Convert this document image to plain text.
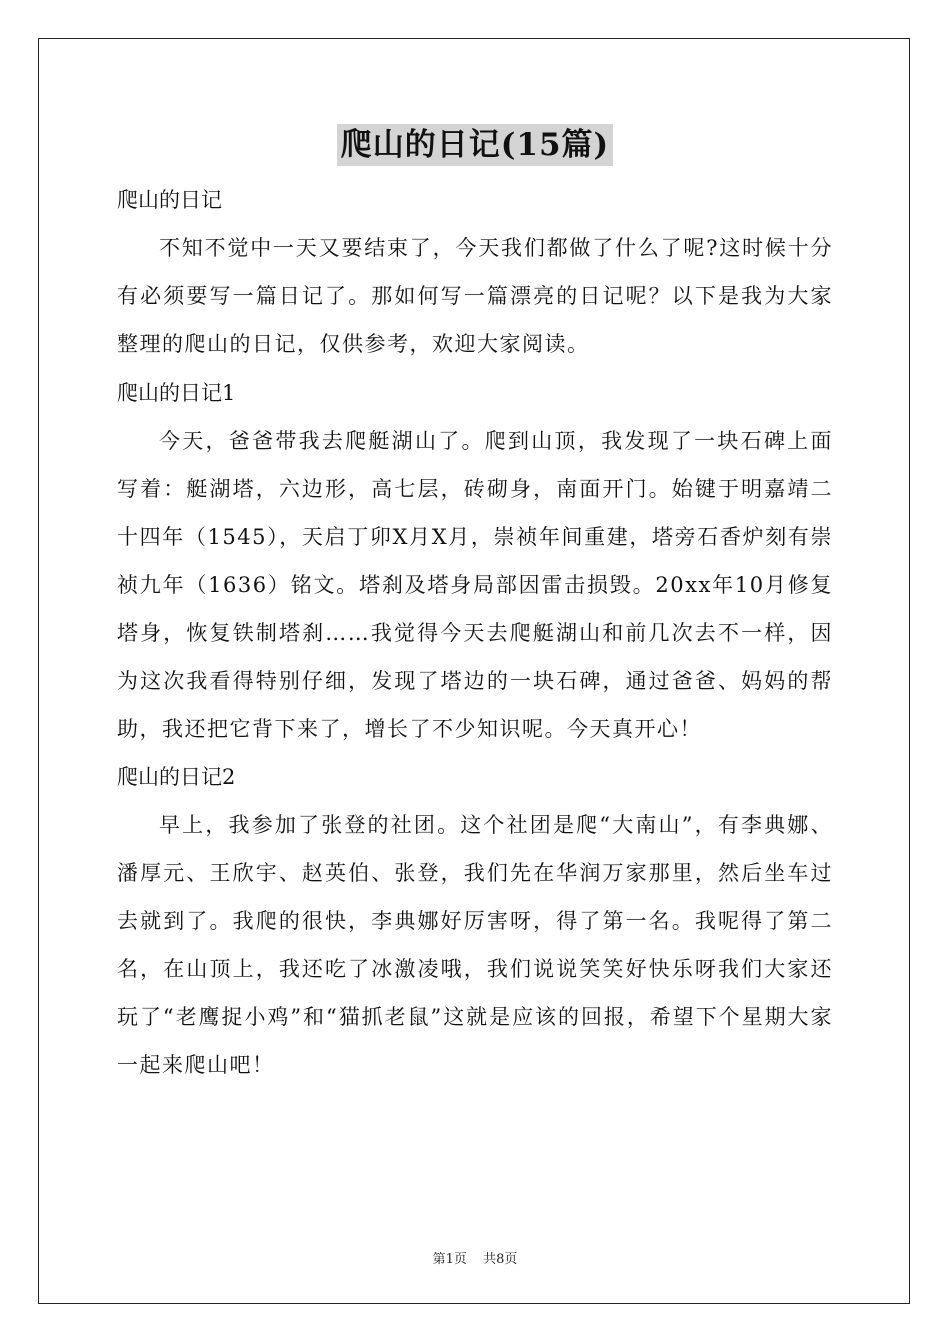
爬山的日记(15篇)

爬山的日记

不知不觉中一天又要结束了，今天我们都做了什么了呢?这时候十分有必须要写一篇日记了。那如何写一篇漂亮的日记呢？以下是我为大家整理的爬山的日记，仅供参考，欢迎大家阅读。

爬山的日记1

今天，爸爸带我去爬艇湖山了。爬到山顶，我发现了一块石碑上面写着：艇湖塔，六边形，高七层，砖砌身，南面开门。始键于明嘉靖二十四年（1545），天启丁卯X月X月，崇祯年间重建，塔旁石香炉刻有崇祯九年（1636）铭文。塔刹及塔身局部因雷击损毁。20xx年10月修复塔身，恢复铁制塔刹……我觉得今天去爬艇湖山和前几次去不一样，因为这次我看得特别仔细，发现了塔边的一块石碑，通过爸爸、妈妈的帮助，我还把它背下来了，增长了不少知识呢。今天真开心！

爬山的日记2

早上，我参加了张登的社团。这个社团是爬“大南山”，有李典娜、潘厚元、王欣宇、赵英伯、张登，我们先在华润万家那里，然后坐车过去就到了。我爬的很快，李典娜好厉害呀，得了第一名。我呢得了第二名，在山顶上，我还吃了冰激凌哦，我们说说笑笑好快乐呀我们大家还玩了“老鹰捉小鸡”和“猫抓老鼠”这就是应该的回报，希望下个星期大家一起来爬山吧！

第1页 共8页
